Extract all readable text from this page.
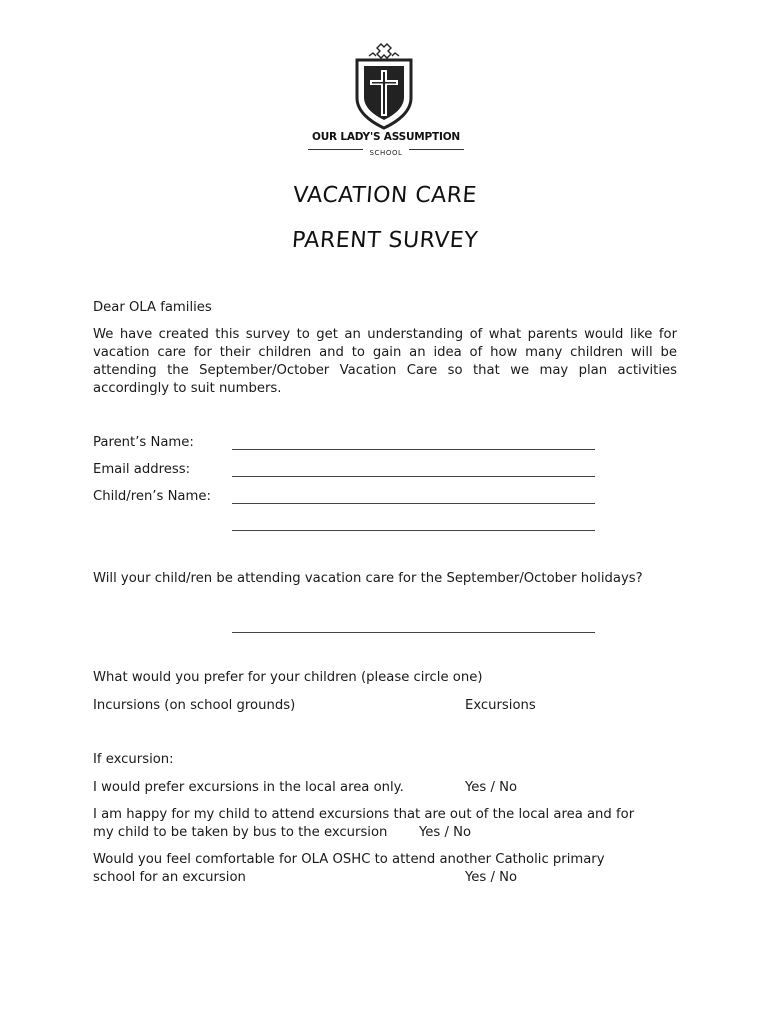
OUR LADY'S ASSUMPTION
SCHOOL
VACATION CARE
PARENT SURVEY
Dear OLA families
We have created this survey to get an understanding of what parents would like for vacation care for their children and to gain an idea of how many children will be attending the September/October Vacation Care so that we may plan activities accordingly to suit numbers.
Parent’s Name:
Email address:
Child/ren’s Name:
Will your child/ren be attending vacation care for the September/October holidays?
What would you prefer for your children (please circle one)
Incursions (on school grounds)	Excursions
If excursion:
I would prefer excursions in the local area only.	Yes / No
I am happy for my child to attend excursions that are out of the local area and for
my child to be taken by bus to the excursion Yes / No
Would you feel comfortable for OLA OSHC to attend another Catholic primary
school for an excursion	Yes / No
